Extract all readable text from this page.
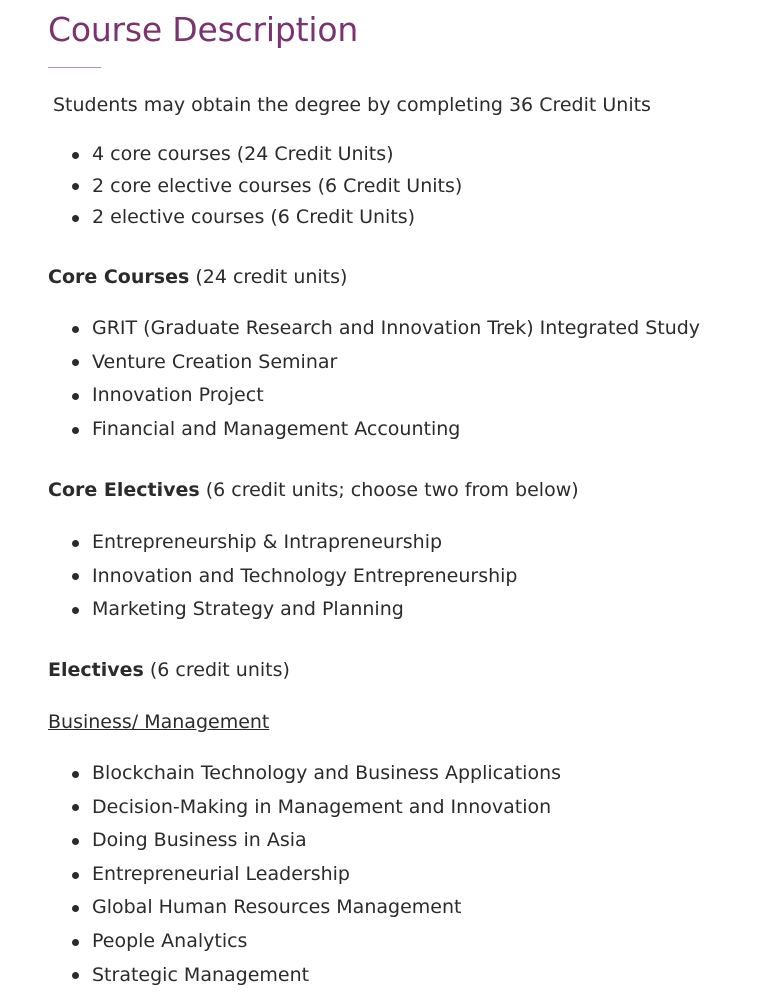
Course Description

Students may obtain the degree by completing 36 Credit Units

4 core courses (24 Credit Units)
2 core elective courses (6 Credit Units)
2 elective courses (6 Credit Units)

Core Courses (24 credit units)

GRIT (Graduate Research and Innovation Trek) Integrated Study
Venture Creation Seminar
Innovation Project
Financial and Management Accounting

Core Electives (6 credit units; choose two from below)

Entrepreneurship & Intrapreneurship
Innovation and Technology Entrepreneurship
Marketing Strategy and Planning

Electives (6 credit units)

Business/ Management

Blockchain Technology and Business Applications
Decision-Making in Management and Innovation
Doing Business in Asia
Entrepreneurial Leadership
Global Human Resources Management
People Analytics
Strategic Management
